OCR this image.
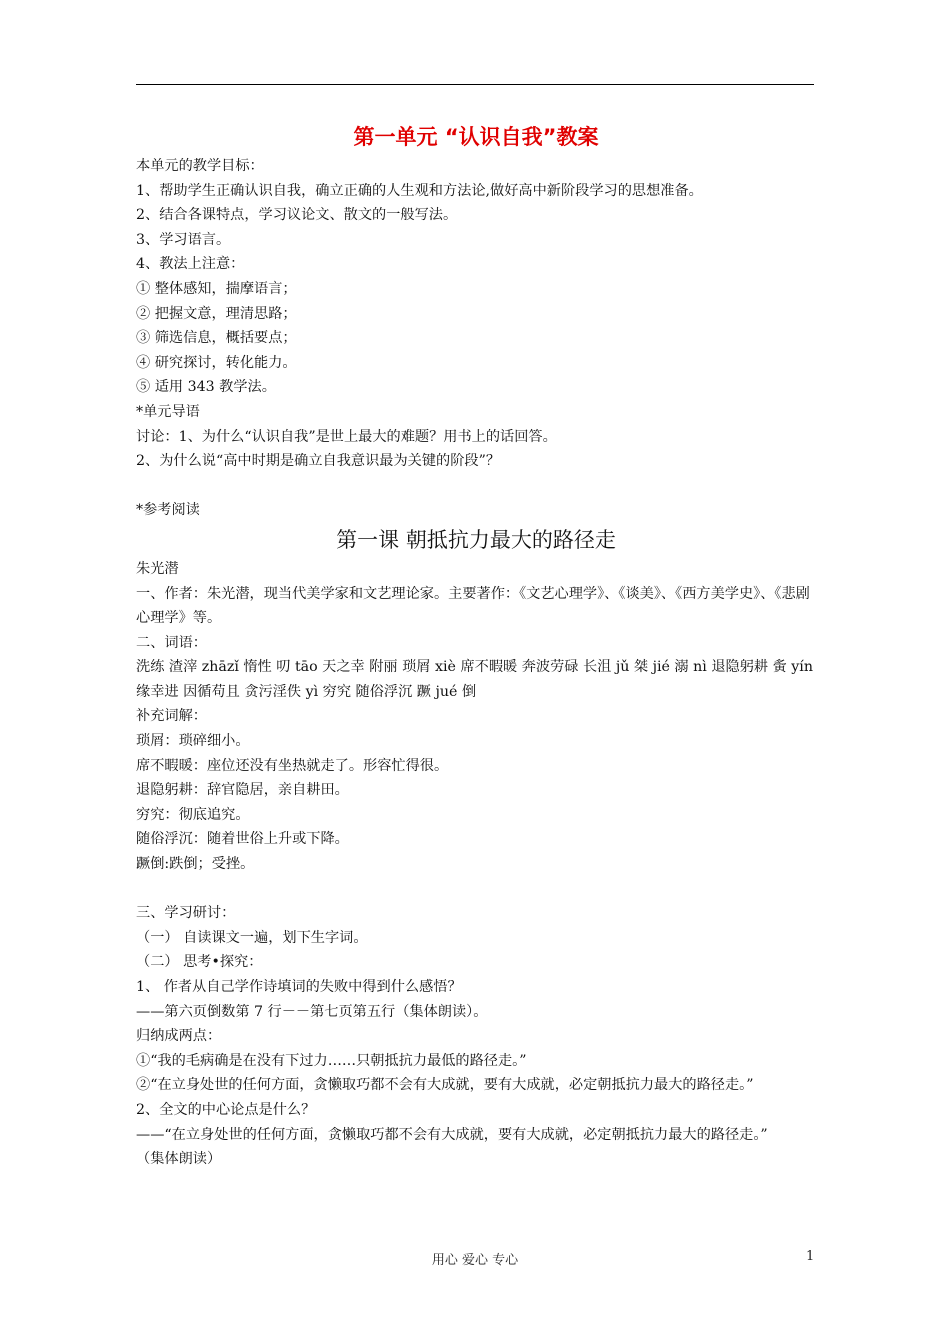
第一单元 “认识自我”教案
本单元的教学目标：
1、帮助学生正确认识自我，确立正确的人生观和方法论,做好高中新阶段学习的思想准备。
2、结合各课特点，学习议论文、散文的一般写法。
3、学习语言。
4、教法上注意：
① 整体感知，揣摩语言；
② 把握文意，理清思路；
③ 筛选信息，概括要点；
④ 研究探讨，转化能力。
⑤ 适用 343 教学法。
*单元导语
讨论：1、为什么“认识自我”是世上最大的难题？用书上的话回答。
2、为什么说“高中时期是确立自我意识最为关键的阶段”？
*参考阅读
第一课 朝抵抗力最大的路径走
朱光潜
一、作者：朱光潜，现当代美学家和文艺理论家。主要著作：《文艺心理学》、《谈美》、《西方美学史》、《悲剧心理学》等。
二、词语：
洗练 渣滓 zhāzǐ 惰性 叨 tāo 天之幸 附丽 琐屑 xiè 席不暇暖 奔波劳碌 长沮 jǔ 桀 jié 溺 nì 退隐躬耕 夤 yín 缘幸进 因循苟且 贪污淫佚 yì 穷究 随俗浮沉 蹶 jué 倒
补充词解：
琐屑：琐碎细小。
席不暇暖：座位还没有坐热就走了。形容忙得很。
退隐躬耕：辞官隐居，亲自耕田。
穷究：彻底追究。
随俗浮沉：随着世俗上升或下降。
蹶倒:跌倒；受挫。
三、学习研讨：
（一） 自读课文一遍，划下生字词。
（二） 思考•探究：
1、 作者从自己学作诗填词的失败中得到什么感悟？
——第六页倒数第 7 行－－第七页第五行（集体朗读）。
归纳成两点：
①“我的毛病确是在没有下过力……只朝抵抗力最低的路径走。”
②“在立身处世的任何方面，贪懒取巧都不会有大成就，要有大成就，必定朝抵抗力最大的路径走。”
2、全文的中心论点是什么？
——“在立身处世的任何方面，贪懒取巧都不会有大成就，要有大成就，必定朝抵抗力最大的路径走。”
（集体朗读）
用心 爱心 专心	1
